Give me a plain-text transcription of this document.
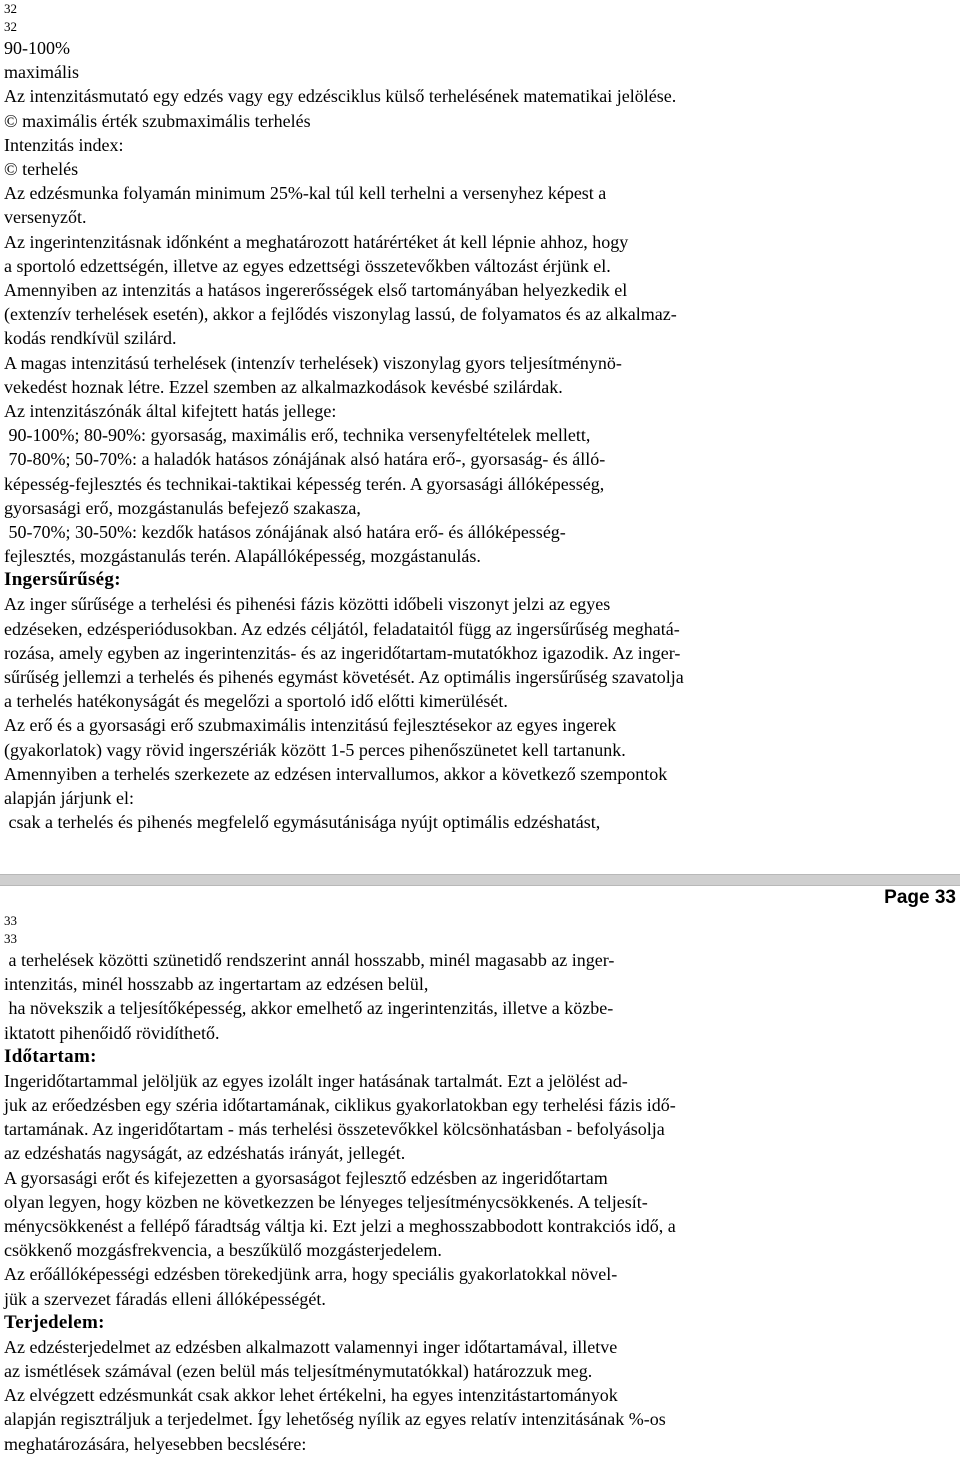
32
32
90-100%
maximális
Az intenzitásmutató egy edzés vagy egy edzésciklus külső terhelésének matematikai jelölése.
© maximális érték szubmaximális terhelés
Intenzitás index:
© terhelés
Az edzésmunka folyamán minimum 25%-kal túl kell terhelni a versenyhez képest a
versenyzőt.
Az ingerintenzitásnak időnként a meghatározott határértéket át kell lépnie ahhoz, hogy
a sportoló edzettségén, illetve az egyes edzettségi összetevőkben változást érjünk el.
Amennyiben az intenzitás a hatásos ingererősségek első tartományában helyezkedik el
(extenzív terhelések esetén), akkor a fejlődés viszonylag lassú, de folyamatos és az alkalmaz-
kodás rendkívül szilárd.
A magas intenzitású terhelések (intenzív terhelések) viszonylag gyors teljesítménynö-
vekedést hoznak létre. Ezzel szemben az alkalmazkodások kevésbé szilárdak.
Az intenzitászónák által kifejtett hatás jellege:
90-100%; 80-90%: gyorsaság, maximális erő, technika versenyfeltételek mellett,
70-80%; 50-70%: a haladók hatásos zónájának alsó határa erő-, gyorsaság- és álló-
képesség-fejlesztés és technikai-taktikai képesség terén. A gyorsasági állóképesség,
gyorsasági erő, mozgástanulás befejező szakasza,
50-70%; 30-50%: kezdők hatásos zónájának alsó határa erő- és állóképesség-
fejlesztés, mozgástanulás terén. Alapállóképesség, mozgástanulás.
Ingersűrűség:
Az inger sűrűsége a terhelési és pihenési fázis közötti időbeli viszonyt jelzi az egyes
edzéseken, edzésperiódusokban. Az edzés céljától, feladataitól függ az ingersűrűség meghatá-
rozása, amely egyben az ingerintenzitás- és az ingeridőtartam-mutatókhoz igazodik. Az inger-
sűrűség jellemzi a terhelés és pihenés egymást követését. Az optimális ingersűrűség szavatolja
a terhelés hatékonyságát és megelőzi a sportoló idő előtti kimerülését.
Az erő és a gyorsasági erő szubmaximális intenzitású fejlesztésekor az egyes ingerek
(gyakorlatok) vagy rövid ingerszériák között 1-5 perces pihenőszünetet kell tartanunk.
Amennyiben a terhelés szerkezete az edzésen intervallumos, akkor a következő szempontok
alapján járjunk el:
csak a terhelés és pihenés megfelelő egymásutánisága nyújt optimális edzéshatást,
Page 33
33
33
a terhelések közötti szünetidő rendszerint annál hosszabb, minél magasabb az inger-
intenzitás, minél hosszabb az ingertartam az edzésen belül,
ha növekszik a teljesítőképesség, akkor emelhető az ingerintenzitás, illetve a közbe-
iktatott pihenőidő rövidíthető.
Időtartam:
Ingeridőtartammal jelöljük az egyes izolált inger hatásának tartalmát. Ezt a jelölést ad-
juk az erőedzésben egy széria időtartamának, ciklikus gyakorlatokban egy terhelési fázis idő-
tartamának. Az ingeridőtartam - más terhelési összetevőkkel kölcsönhatásban - befolyásolja
az edzéshatás nagyságát, az edzéshatás irányát, jellegét.
A gyorsasági erőt és kifejezetten a gyorsaságot fejlesztő edzésben az ingeridőtartam
olyan legyen, hogy közben ne következzen be lényeges teljesítménycsökkenés. A teljesít-
ménycsökkenést a fellépő fáradtság váltja ki. Ezt jelzi a meghosszabbodott kontrakciós idő, a
csökkenő mozgásfrekvencia, a beszűkülő mozgásterjedelem.
Az erőállóképességi edzésben törekedjünk arra, hogy speciális gyakorlatokkal növel-
jük a szervezet fáradás elleni állóképességét.
Terjedelem:
Az edzésterjedelmet az edzésben alkalmazott valamennyi inger időtartamával, illetve
az ismétlések számával (ezen belül más teljesítménymutatókkal) határozzuk meg.
Az elvégzett edzésmunkát csak akkor lehet értékelni, ha egyes intenzitástartományok
alapján regisztráljuk a terjedelmet. Így lehetőség nyílik az egyes relatív intenzitásának %-os
meghatározására, helyesebben becslésére:
